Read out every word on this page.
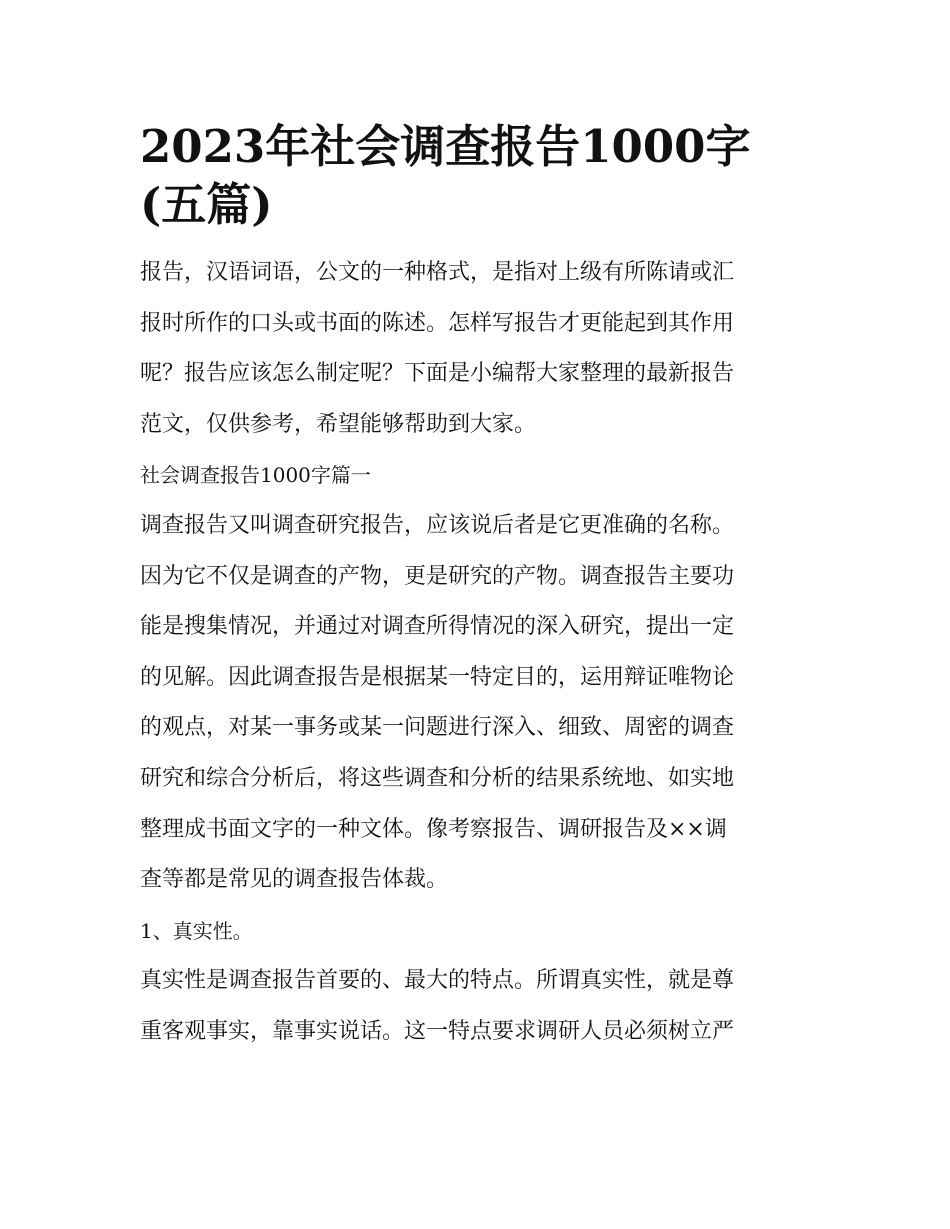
2023年社会调查报告1000字
(五篇)

报告，汉语词语，公文的一种格式，是指对上级有所陈请或汇
报时所作的口头或书面的陈述。怎样写报告才更能起到其作用
呢？报告应该怎么制定呢？下面是小编帮大家整理的最新报告
范文，仅供参考，希望能够帮助到大家。

社会调查报告1000字篇一

调查报告又叫调查研究报告，应该说后者是它更准确的名称。
因为它不仅是调查的产物，更是研究的产物。调查报告主要功
能是搜集情况，并通过对调查所得情况的深入研究，提出一定
的见解。因此调查报告是根据某一特定目的，运用辩证唯物论
的观点，对某一事务或某一问题进行深入、细致、周密的调查
研究和综合分析后，将这些调查和分析的结果系统地、如实地
整理成书面文字的一种文体。像考察报告、调研报告及××调
查等都是常见的调查报告体裁。

1、真实性。

真实性是调查报告首要的、最大的特点。所谓真实性，就是尊
重客观事实，靠事实说话。这一特点要求调研人员必须树立严
